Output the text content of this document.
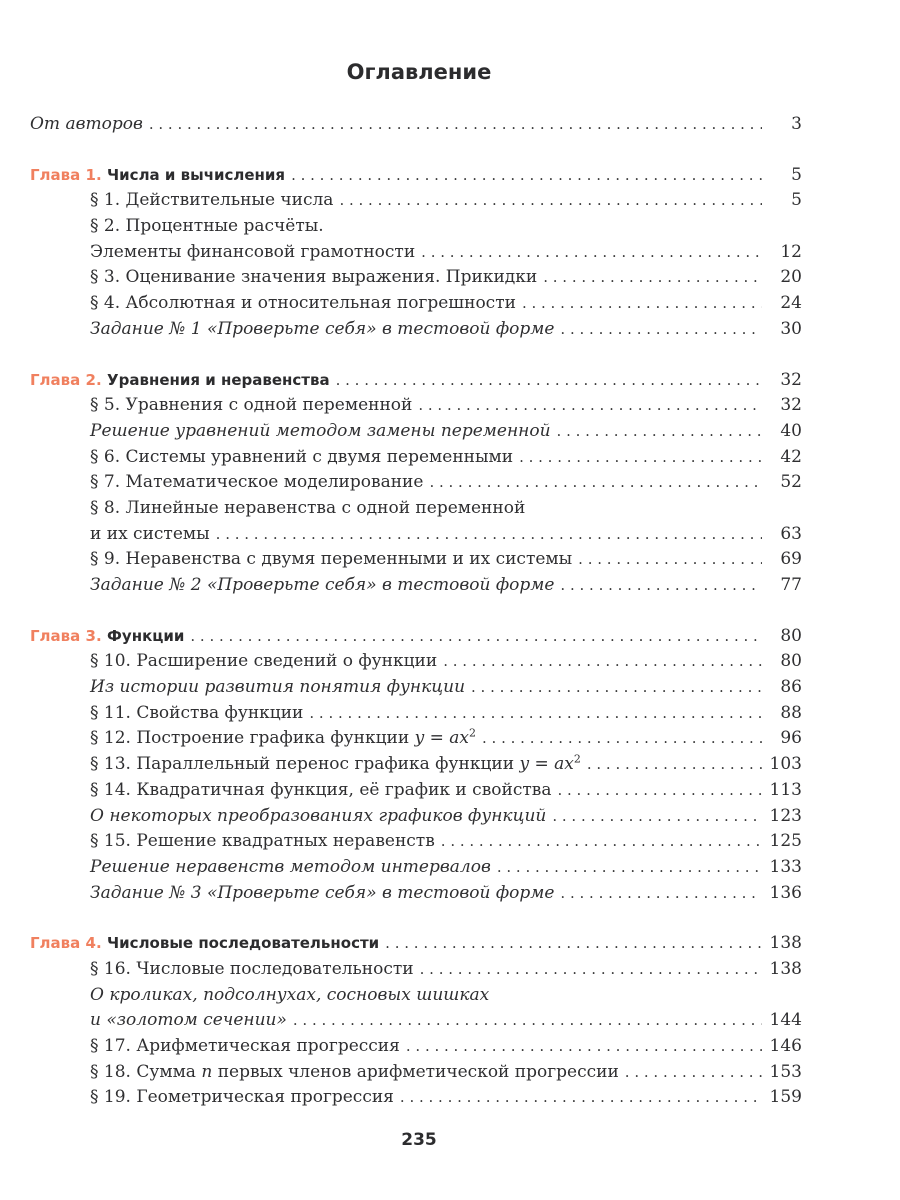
Оглавление
От авторов . . .	3
Глава 1. Числа и вычисления . . .	5
§ 1. Действительные числа . . .	5
§ 2. Процентные расчёты.
Элементы финансовой грамотности . . .	12
§ 3. Оценивание значения выражения. Прикидки . . .	20
§ 4. Абсолютная и относительная погрешности . . .	24
Задание № 1 «Проверьте себя» в тестовой форме . . .	30
Глава 2. Уравнения и неравенства . . .	32
§ 5. Уравнения с одной переменной . . .	32
Решение уравнений методом замены переменной . . .	40
§ 6. Системы уравнений с двумя переменными . . .	42
§ 7. Математическое моделирование . . .	52
§ 8. Линейные неравенства с одной переменной
и их системы . . .	63
§ 9. Неравенства с двумя переменными и их системы . . .	69
Задание № 2 «Проверьте себя» в тестовой форме . . .	77
Глава 3. Функции . . .	80
§ 10. Расширение сведений о функции . . .	80
Из истории развития понятия функции . . .	86
§ 11. Свойства функции . . .	88
§ 12. Построение графика функции $y = ax^2$ . . .	96
§ 13. Параллельный перенос графика функции $y = ax^2$ . . .	103
§ 14. Квадратичная функция, её график и свойства . . .	113
О некоторых преобразованиях графиков функций . . .	123
§ 15. Решение квадратных неравенств . . .	125
Решение неравенств методом интервалов . . .	133
Задание № 3 «Проверьте себя» в тестовой форме . . .	136
Глава 4. Числовые последовательности . . .	138
§ 16. Числовые последовательности . . .	138
О кроликах, подсолнухах, сосновых шишках
и «золотом сечении» . . .	144
§ 17. Арифметическая прогрессия . . .	146
§ 18. Сумма n первых членов арифметической прогрессии . . .	153
§ 19. Геометрическая прогрессия . . .	159
235
